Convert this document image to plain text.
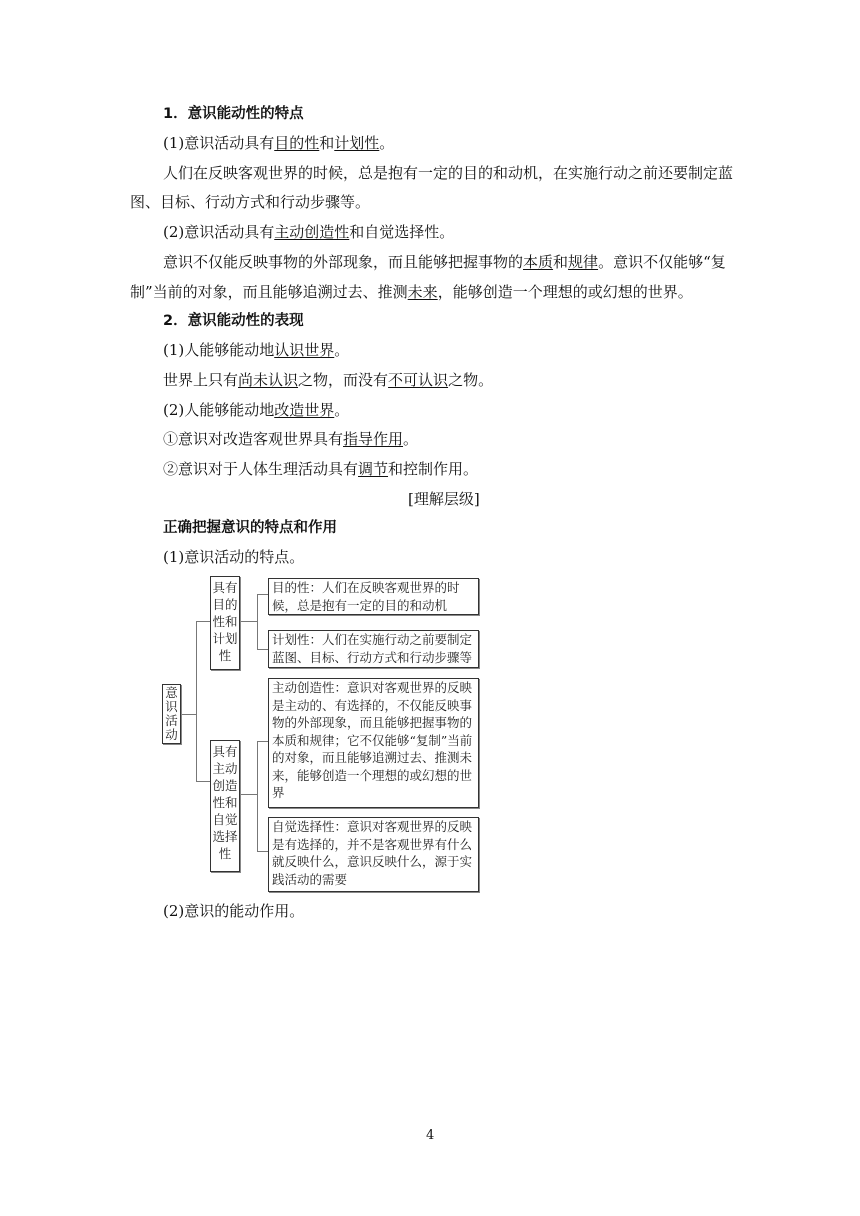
1．意识能动性的特点
(1)意识活动具有目的性和计划性。
人们在反映客观世界的时候，总是抱有一定的目的和动机，在实施行动之前还要制定蓝
图、目标、行动方式和行动步骤等。
(2)意识活动具有主动创造性和自觉选择性。
意识不仅能反映事物的外部现象，而且能够把握事物的本质和规律。意识不仅能够“复
制”当前的对象，而且能够追溯过去、推测未来，能够创造一个理想的或幻想的世界。
2．意识能动性的表现
(1)人能够能动地认识世界。
世界上只有尚未认识之物，而没有不可认识之物。
(2)人能够能动地改造世界。
①意识对改造客观世界具有指导作用。
②意识对于人体生理活动具有调节和控制作用。
[理解层级]
正确把握意识的特点和作用
(1)意识活动的特点。
意识活动
具有目的性和计划性
目的性：人们在反映客观世界的时候，总是抱有一定的目的和动机
计划性：人们在实施行动之前要制定蓝图、目标、行动方式和行动步骤等
具有主动创造性和自觉选择性
主动创造性：意识对客观世界的反映是主动的、有选择的，不仅能反映事物的外部现象，而且能够把握事物的本质和规律；它不仅能够“复制”当前的对象，而且能够追溯过去、推测未来，能够创造一个理想的或幻想的世界
自觉选择性：意识对客观世界的反映是有选择的，并不是客观世界有什么就反映什么，意识反映什么，源于实践活动的需要
(2)意识的能动作用。
4
